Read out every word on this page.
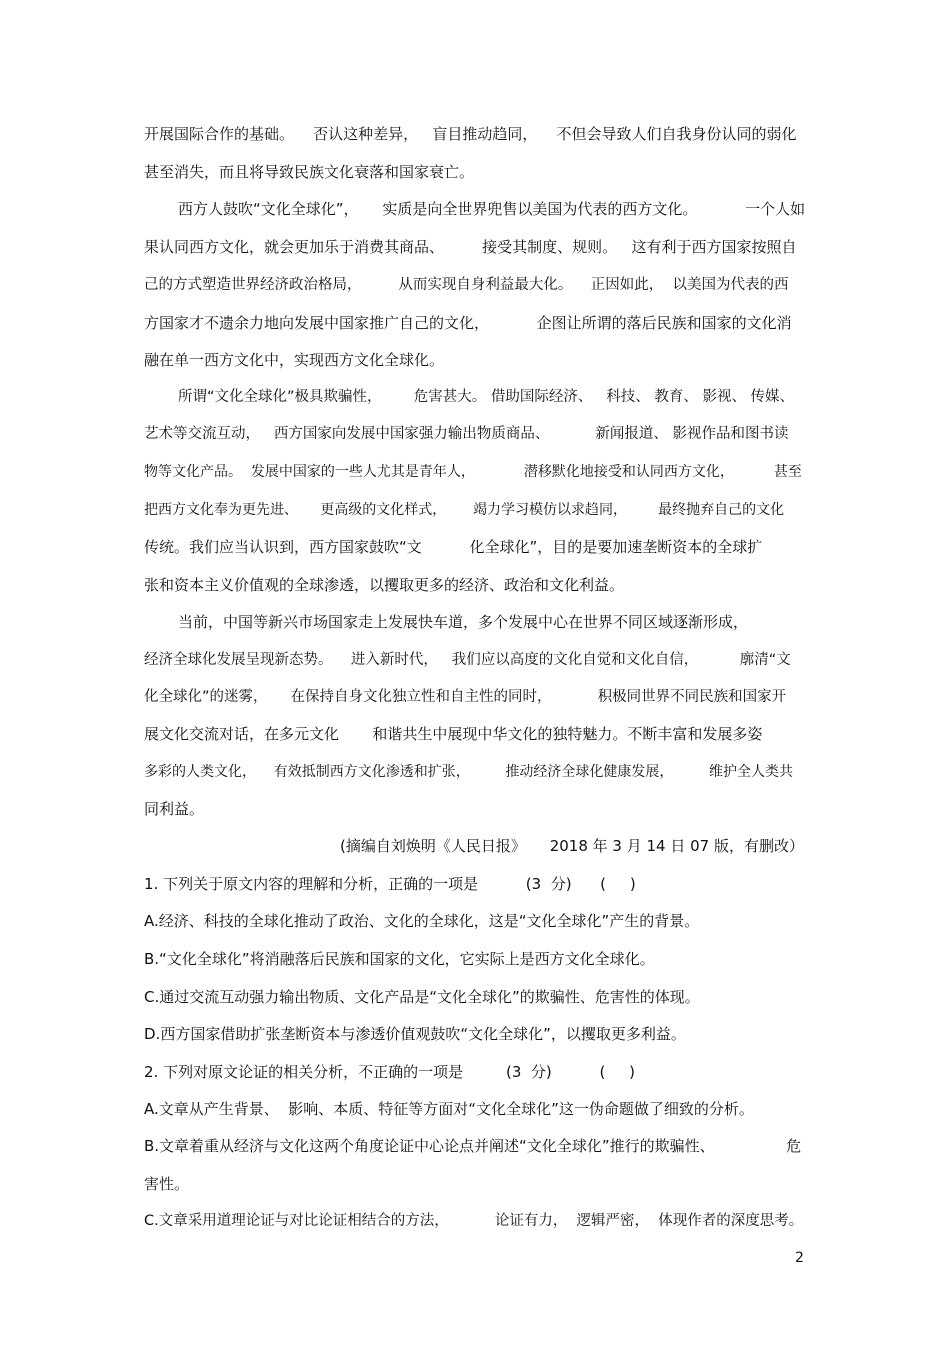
开展国际合作的基础。    否认这种差异，   盲目推动趋同，    不但会导致人们自我身份认同的弱化
甚至消失，而且将导致民族文化衰落和国家衰亡。
西方人鼓吹“文化全球化”，     实质是向全世界兜售以美国为代表的西方文化。          一个人如
果认同西方文化，就会更加乐于消费其商品、        接受其制度、规则。   这有利于西方国家按照自
己的方式塑造世界经济政治格局，        从而实现自身利益最大化。    正因如此，  以美国为代表的西
方国家才不遗余力地向发展中国家推广自己的文化，          企图让所谓的落后民族和国家的文化消
融在单一西方文化中，实现西方文化全球化。
所谓“文化全球化”极具欺骗性，       危害甚大。 借助国际经济、   科技、 教育、 影视、 传媒、
艺术等交流互动，   西方国家向发展中国家强力输出物质商品、          新闻报道、 影视作品和图书读
物等文化产品。  发展中国家的一些人尤其是青年人，           潜移默化地接受和认同西方文化，         甚至
把西方文化奉为更先进、     更高级的文化样式，      竭力学习模仿以求趋同，       最终抛弃自己的文化
传统。我们应当认识到，西方国家鼓吹“文          化全球化”，目的是要加速垄断资本的全球扩
张和资本主义价值观的全球渗透，以攫取更多的经济、政治和文化利益。
当前，中国等新兴市场国家走上发展快车道，多个发展中心在世界不同区域逐渐形成，
经济全球化发展呈现新态势。    进入新时代，   我们应以高度的文化自觉和文化自信，         廓清“文
化全球化”的迷雾，     在保持自身文化独立性和自主性的同时，          积极同世界不同民族和国家开
展文化交流对话，在多元文化       和谐共生中展现中华文化的独特魅力。不断丰富和发展多姿
多彩的人类文化，    有效抵制西方文化渗透和扩张，        推动经济全球化健康发展，        维护全人类共
同利益。
(摘编自刘焕明《人民日报》     2018 年 3 月 14 日 07 版，有删改）
1. 下列关于原文内容的理解和分析，正确的一项是          (3  分)      (     )
A.经济、科技的全球化推动了政治、文化的全球化，这是“文化全球化”产生的背景。
B.“文化全球化”将消融落后民族和国家的文化，它实际上是西方文化全球化。
C.通过交流互动强力输出物质、文化产品是“文化全球化”的欺骗性、危害性的体现。
D.西方国家借助扩张垄断资本与渗透价值观鼓吹“文化全球化”，以攫取更多利益。
2. 下列对原文论证的相关分析，不正确的一项是         (3  分)          (     )
A.文章从产生背景、  影响、本质、特征等方面对“文化全球化”这一伪命题做了细致的分析。
B.文章着重从经济与文化这两个角度论证中心论点并阐述“文化全球化”推行的欺骗性、               危
害性。
C.文章采用道理论证与对比论证相结合的方法，          论证有力，  逻辑严密，  体现作者的深度思考。
2
